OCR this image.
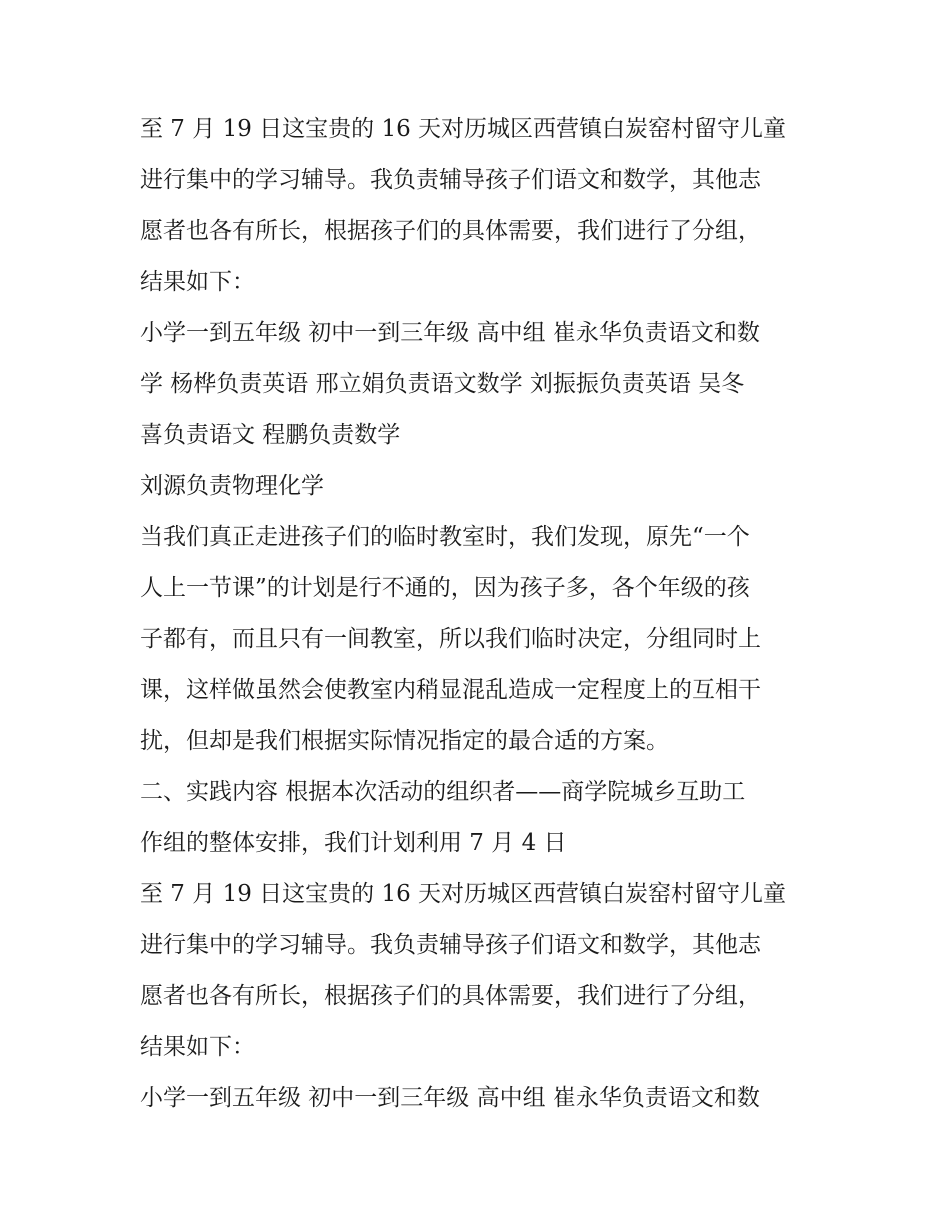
至 7 月 19 日这宝贵的 16 天对历城区西营镇白炭窑村留守儿童
进行集中的学习辅导。我负责辅导孩子们语文和数学，其他志
愿者也各有所长，根据孩子们的具体需要，我们进行了分组，
结果如下：
小学一到五年级 初中一到三年级 高中组 崔永华负责语文和数
学 杨桦负责英语 邢立娟负责语文数学 刘振振负责英语 吴冬
喜负责语文 程鹏负责数学
刘源负责物理化学
当我们真正走进孩子们的临时教室时，我们发现，原先“一个
人上一节课”的计划是行不通的，因为孩子多，各个年级的孩
子都有，而且只有一间教室，所以我们临时决定，分组同时上
课，这样做虽然会使教室内稍显混乱造成一定程度上的互相干
扰，但却是我们根据实际情况指定的最合适的方案。
二、实践内容 根据本次活动的组织者——商学院城乡互助工
作组的整体安排，我们计划利用 7 月 4 日
至 7 月 19 日这宝贵的 16 天对历城区西营镇白炭窑村留守儿童
进行集中的学习辅导。我负责辅导孩子们语文和数学，其他志
愿者也各有所长，根据孩子们的具体需要，我们进行了分组，
结果如下：
小学一到五年级 初中一到三年级 高中组 崔永华负责语文和数
